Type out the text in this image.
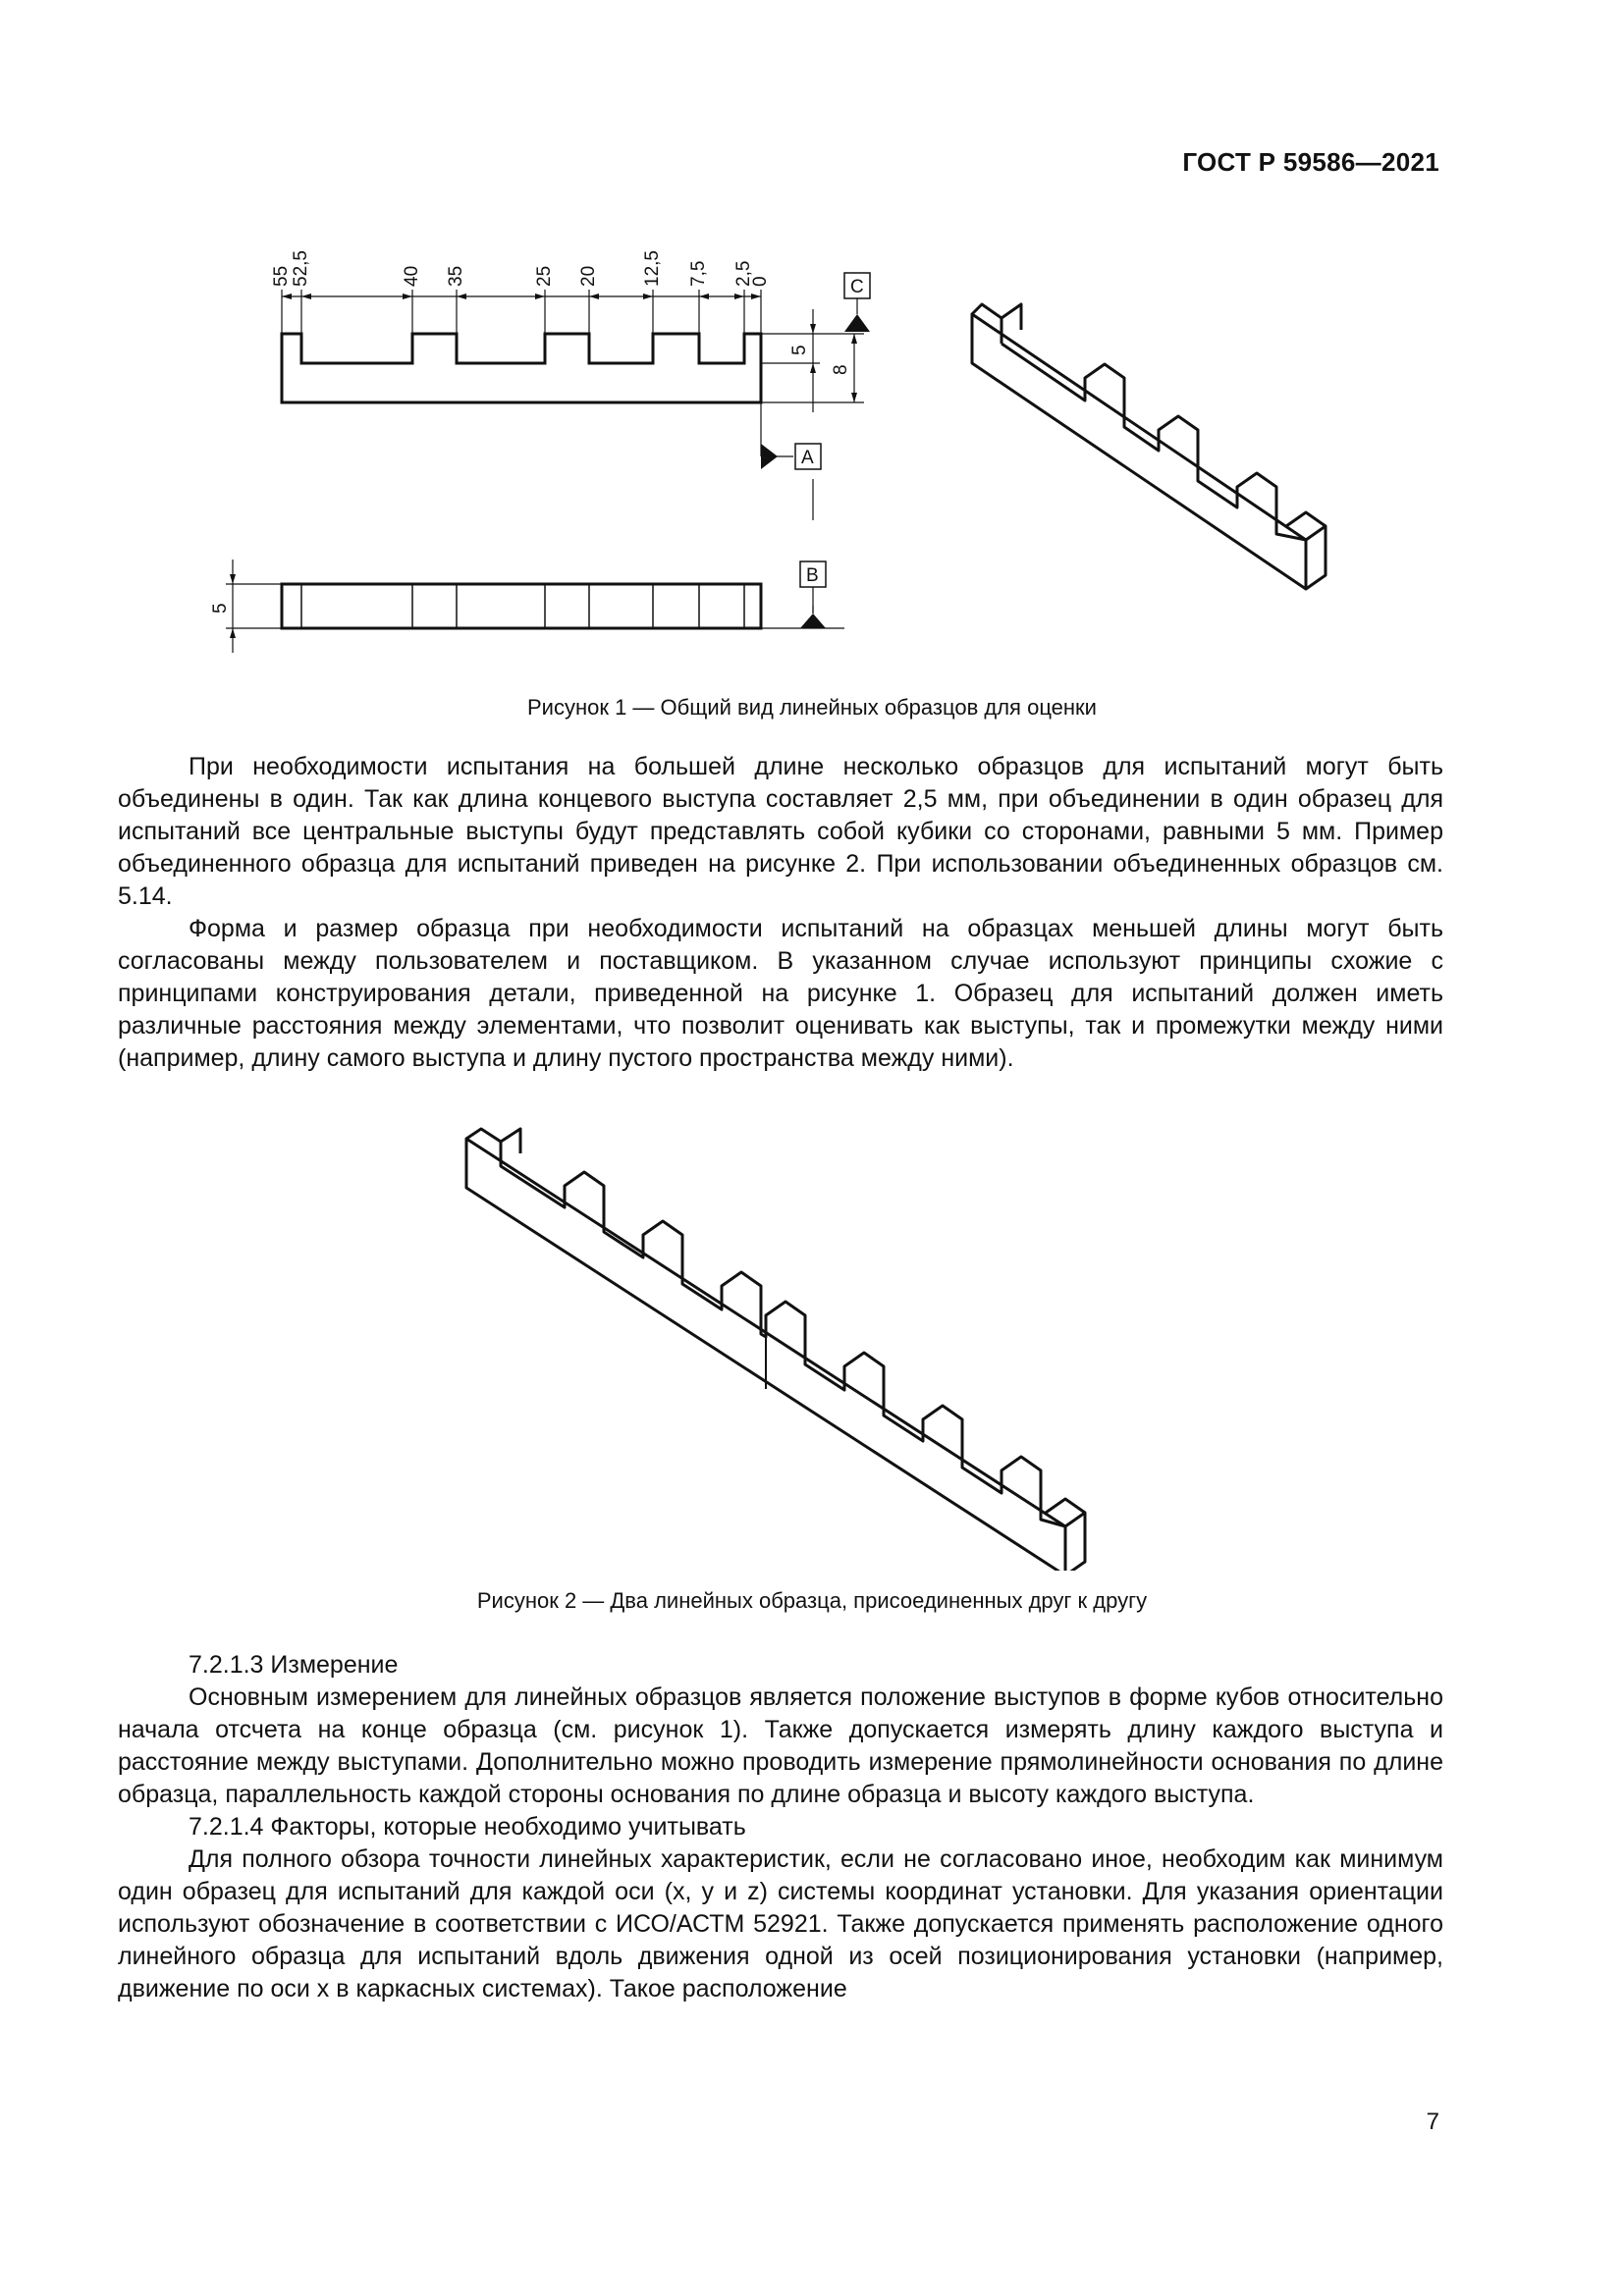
ГОСТ Р 59586—2021
55 52,5	40 35	25 20 12,5 7,5 2,5
0
5
8
5
C
A
B
Рисунок 1 — Общий вид линейных образцов для оценки

При необходимости испытания на большей длине несколько образцов для испытаний могут быть объединены в один. Так как длина концевого выступа составляет 2,5 мм, при объединении в один образец для испытаний все центральные выступы будут представлять собой кубики со сторонами, равными 5 мм. Пример объединенного образца для испытаний приведен на рисунке 2. При использовании объединенных образцов см. 5.14.

Форма и размер образца при необходимости испытаний на образцах меньшей длины могут быть согласованы между пользователем и поставщиком. В указанном случае используют принципы схожие с принципами конструирования детали, приведенной на рисунке 1. Образец для испытаний должен иметь различные расстояния между элементами, что позволит оценивать как выступы, так и промежутки между ними (например, длину самого выступа и длину пустого пространства между ними).

Рисунок 2 — Два линейных образца, присоединенных друг к другу

7.2.1.3 Измерение

Основным измерением для линейных образцов является положение выступов в форме кубов относительно начала отсчета на конце образца (см. рисунок 1). Также допускается измерять длину каждого выступа и расстояние между выступами. Дополнительно можно проводить измерение прямолинейности основания по длине образца, параллельность каждой стороны основания по длине образца и высоту каждого выступа.

7.2.1.4 Факторы, которые необходимо учитывать

Для полного обзора точности линейных характеристик, если не согласовано иное, необходим как минимум один образец для испытаний для каждой оси (x, y и z) системы координат установки. Для указания ориентации используют обозначение в соответствии с ИСО/АСТМ 52921. Также допускается применять расположение одного линейного образца для испытаний вдоль движения одной из осей позиционирования установки (например, движение по оси x в каркасных системах). Такое расположение

7
